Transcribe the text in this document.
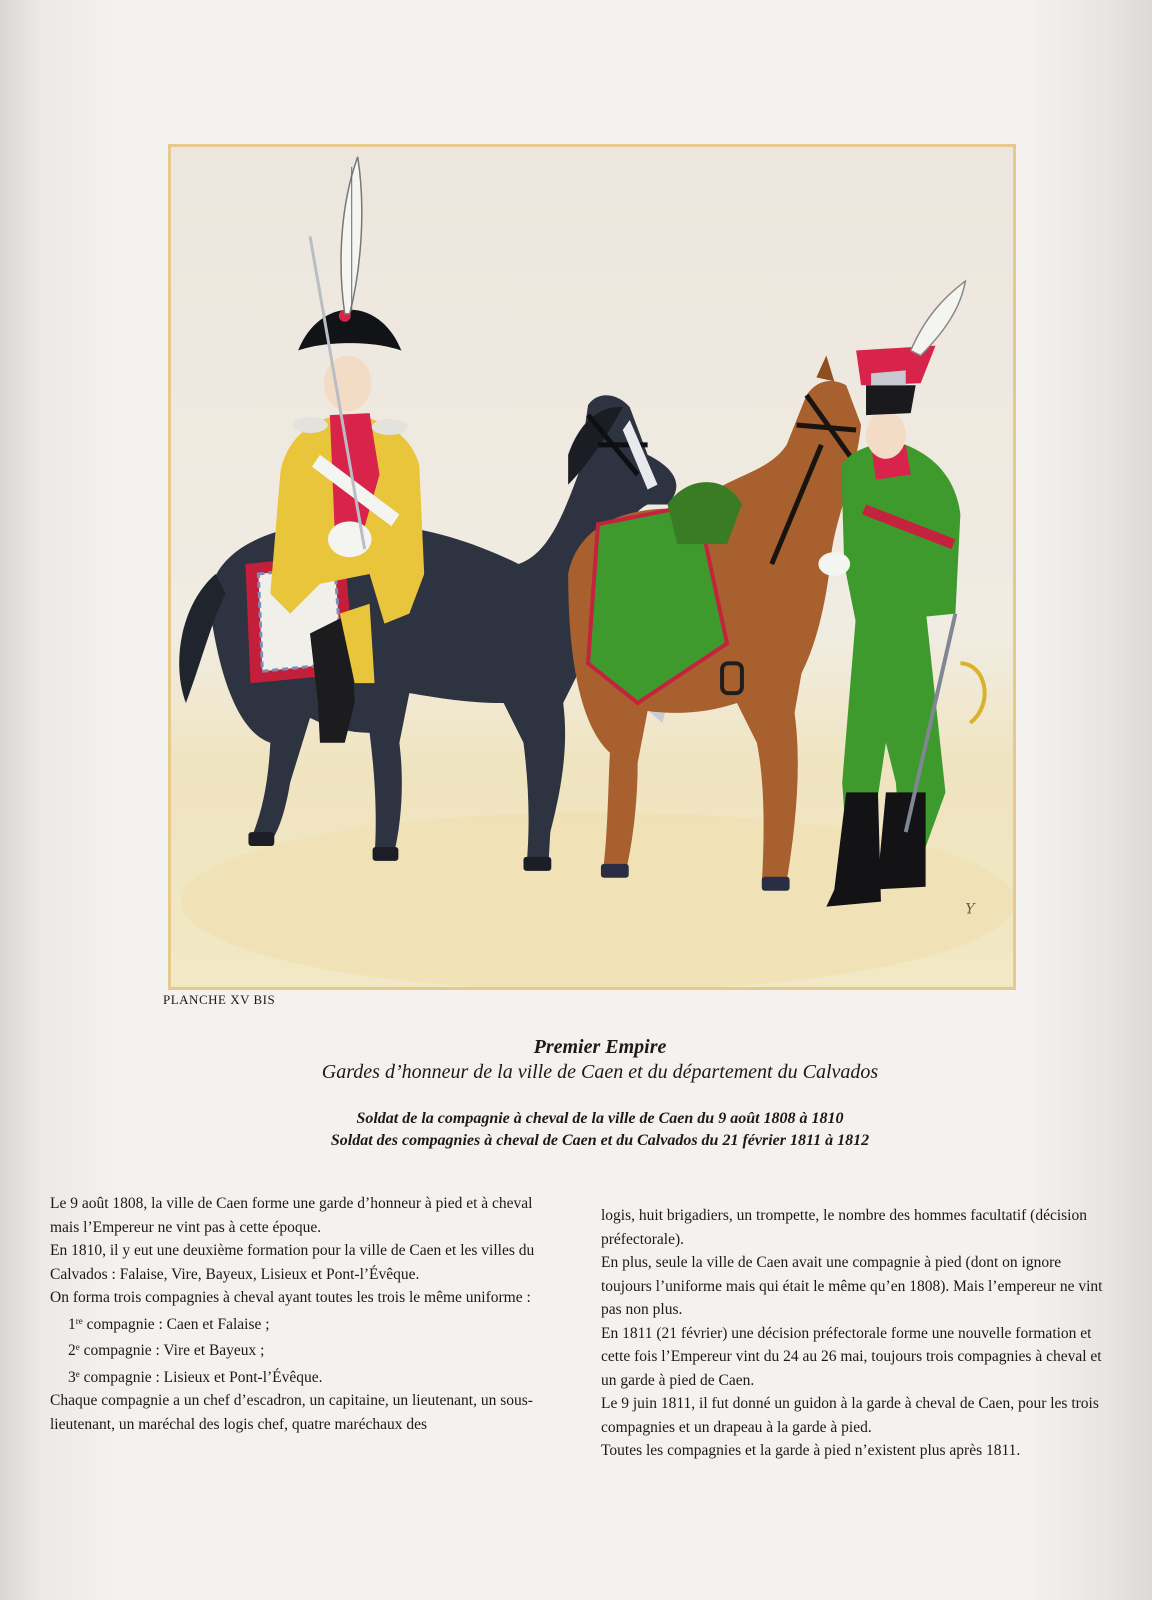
Y
PLANCHE XV BIS
Premier Empire
Gardes d’honneur de la ville de Caen et du département du Calvados
Soldat de la compagnie à cheval de la ville de Caen du 9 août 1808 à 1810
Soldat des compagnies à cheval de Caen et du Calvados du 21 février 1811 à 1812

Le 9 août 1808, la ville de Caen forme une garde d’honneur à pied et à cheval mais l’Empereur ne vint pas à cette époque.

En 1810, il y eut une deuxième formation pour la ville de Caen et les villes du Calvados : Falaise, Vire, Bayeux, Lisieux et Pont-l’Évêque.

On forma trois compagnies à cheval ayant toutes les trois le même uniforme :

1re compagnie : Caen et Falaise ;

2e compagnie : Vire et Bayeux ;

3e compagnie : Lisieux et Pont-l’Évêque.

Chaque compagnie a un chef d’escadron, un capitaine, un lieutenant, un sous-lieutenant, un maréchal des logis chef, quatre maréchaux des

logis, huit brigadiers, un trompette, le nombre des hommes facultatif (décision préfectorale).

En plus, seule la ville de Caen avait une compagnie à pied (dont on ignore toujours l’uniforme mais qui était le même qu’en 1808). Mais l’empereur ne vint pas non plus.

En 1811 (21 février) une décision préfectorale forme une nouvelle formation et cette fois l’Empereur vint du 24 au 26 mai, toujours trois compagnies à cheval et un garde à pied de Caen.

Le 9 juin 1811, il fut donné un guidon à la garde à cheval de Caen, pour les trois compagnies et un drapeau à la garde à pied.

Toutes les compagnies et la garde à pied n’existent plus après 1811.
